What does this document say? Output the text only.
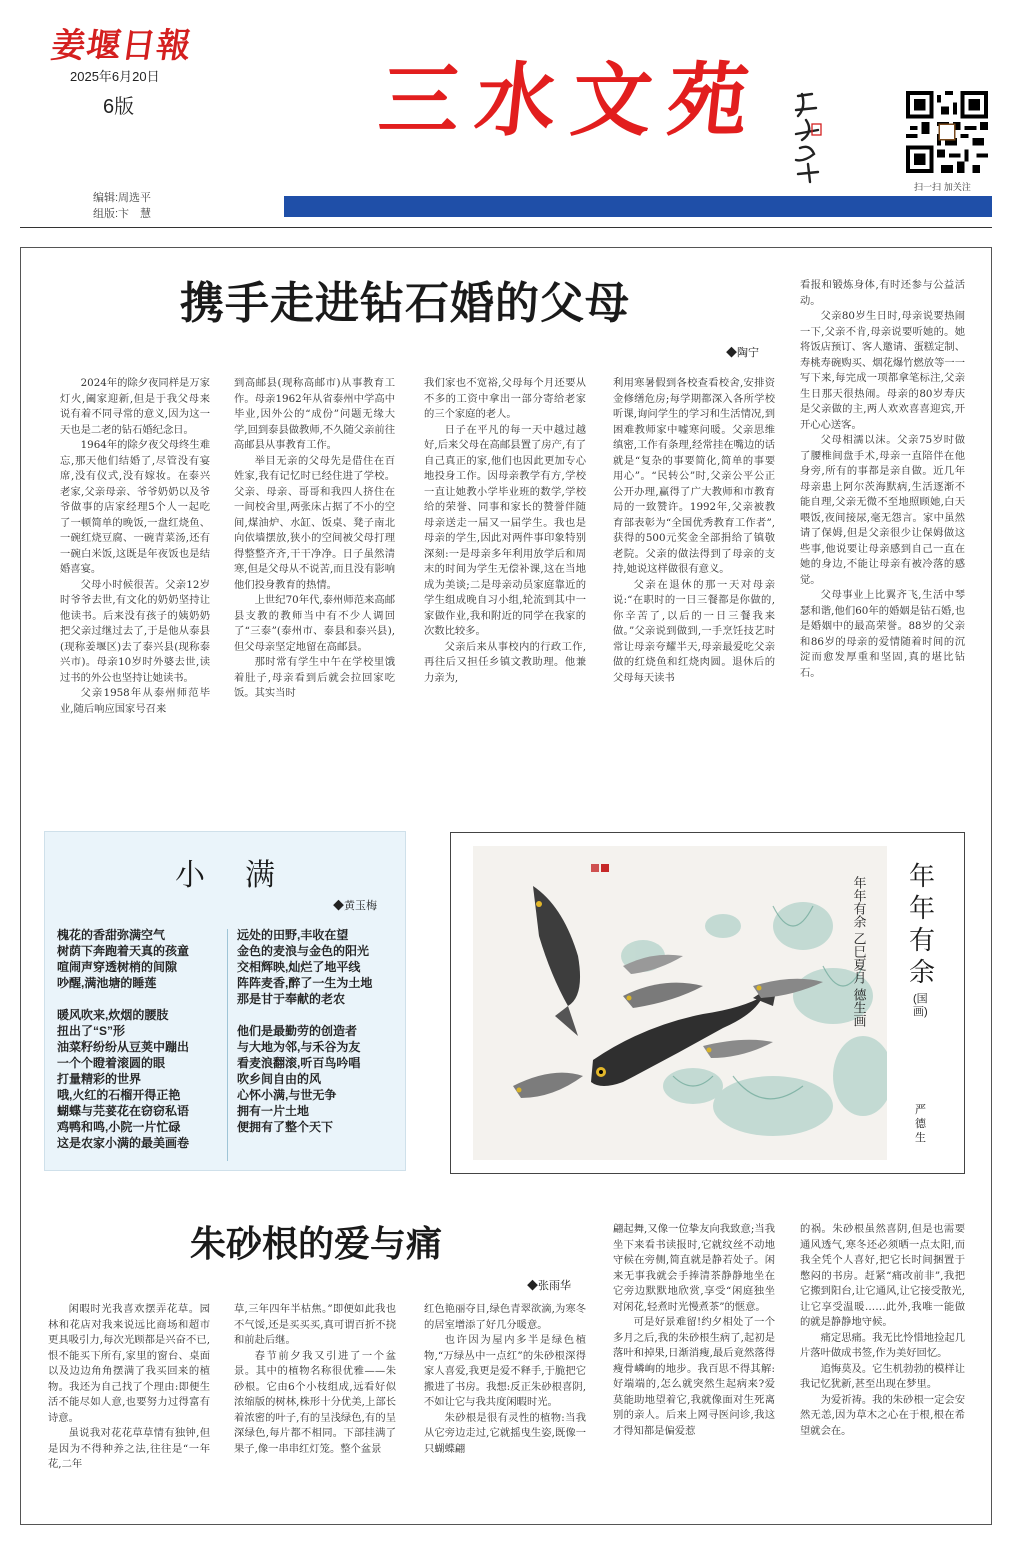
姜堰日報
2025年6月20日
6版	三水文苑
扫一扫 加关注
编辑:周选平
组版:卞　慧
携手走进钻石婚的父母
◆陶宁

2024年的除夕夜同样是万家灯火,阖家迎新,但是于我父母来说有着不同寻常的意义,因为这一天也是二老的钻石婚纪念日。

1964年的除夕夜父母终生难忘,那天他们结婚了,尽管没有宴席,没有仪式,没有嫁妆。在泰兴老家,父亲母亲、爷爷奶奶以及爷爷做事的店家经理5个人一起吃了一顿简单的晚饭,一盘红烧鱼、一碗红烧豆腐、一碗青菜汤,还有一碗白米饭,这既是年夜饭也是结婚喜宴。

父母小时候很苦。父亲12岁时爷爷去世,有文化的奶奶坚持让他读书。后来没有孩子的姨奶奶把父亲过继过去了,于是他从泰县(现称姜堰区)去了泰兴县(现称泰兴市)。母亲10岁时外婆去世,读过书的外公也坚持让她读书。

父亲1958年从泰州师范毕业,随后响应国家号召来

到高邮县(现称高邮市)从事教育工作。母亲1962年从省泰州中学高中毕业,因外公的“成份”问题无缘大学,回到泰县做教师,不久随父亲前往高邮县从事教育工作。

举目无亲的父母先是借住在百姓家,我有记忆时已经住进了学校。父亲、母亲、哥哥和我四人挤住在一间校舍里,两张床占据了不小的空间,煤油炉、水缸、饭桌、凳子南北向依墙摆放,狭小的空间被父母打理得整整齐齐,干干净净。日子虽然清寒,但是父母从不说苦,而且没有影响他们投身教育的热情。

上世纪70年代,泰州师范来高邮县支教的教师当中有不少人调回了“三泰”(泰州市、泰县和泰兴县),但父母亲坚定地留在高邮县。

那时常有学生中午在学校里饿着肚子,母亲看到后就会拉回家吃饭。其实当时

我们家也不宽裕,父母每个月还要从不多的工资中拿出一部分寄给老家的三个家庭的老人。

日子在平凡的每一天中越过越好,后来父母在高邮县置了房产,有了自己真正的家,他们也因此更加专心地投身工作。因母亲教学有方,学校一直让她教小学毕业班的数学,学校给的荣誉、同事和家长的赞誉伴随母亲送走一届又一届学生。我也是母亲的学生,因此对两件事印象特别深刻:一是母亲多年利用放学后和周末的时间为学生无偿补课,这在当地成为美谈;二是母亲动员家庭靠近的学生组成晚自习小组,轮流到其中一家做作业,我和附近的同学在我家的次数比较多。

父亲后来从事校内的行政工作,再往后又担任乡镇文教助理。他兼力亲为,

利用寒暑假到各校查看校舍,安排资金修缮危房;每学期都深入各所学校听课,询问学生的学习和生活情况,到困难教师家中嘘寒问暖。父亲思维缜密,工作有条理,经常挂在嘴边的话就是“复杂的事要简化,简单的事要用心”。“民转公”时,父亲公平公正公开办理,赢得了广大教师和市教育局的一致赞许。1992年,父亲被教育部表彰为“全国优秀教育工作者”,获得的500元奖金全部捐给了镇敬老院。父亲的做法得到了母亲的支持,她说这样做很有意义。

父亲在退休的那一天对母亲说:“在职时的一日三餐都是你做的,你辛苦了,以后的一日三餐我来做。”父亲说到做到,一手烹饪技艺时常让母亲夸耀半天,母亲最爱吃父亲做的红烧鱼和红烧肉圆。退休后的父母每天读书

看报和锻炼身体,有时还参与公益活动。

父亲80岁生日时,母亲说要热闹一下,父亲不肯,母亲说要听她的。她将饭店预订、客人邀请、蛋糕定制、寿桃寿碗购买、烟花爆竹燃放等一一写下来,每完成一项都拿笔标注,父亲生日那天很热闹。母亲的80岁寿庆是父亲做的主,两人欢欢喜喜迎宾,开开心心送客。

父母相濡以沫。父亲75岁时做了腰椎间盘手术,母亲一直陪伴在他身旁,所有的事都是亲自做。近几年母亲患上阿尔茨海默病,生活逐渐不能自理,父亲无微不至地照顾她,白天喂饭,夜间接尿,毫无怨言。家中虽然请了保姆,但是父亲很少让保姆做这些事,他说要让母亲感到自己一直在她的身边,不能让母亲有被冷落的感觉。

父母事业上比翼齐飞,生活中琴瑟和谐,他们60年的婚姻是钻石婚,也是婚姻中的最高荣誉。88岁的父亲和86岁的母亲的爱情随着时间的沉淀而愈发厚重和坚固,真的堪比钻石。

小满
◆黄玉梅
槐花的香甜弥满空气
树荫下奔跑着天真的孩童
喧闹声穿透树梢的间隙
吵醒,满池塘的睡莲

暖风吹来,炊烟的腰肢
扭出了“S”形
油菜籽纷纷从豆荚中蹦出
一个个瞪着滚圆的眼
打量精彩的世界
哦,火红的石榴开得正艳
蝴蝶与芫荽花在窃窃私语
鸡鸭和鸣,小院一片忙碌
这是农家小满的最美画卷
远处的田野,丰收在望
金色的麦浪与金色的阳光
交相辉映,灿烂了地平线
阵阵麦香,醉了一生为土地
那是甘于奉献的老农

他们是最勤劳的创造者
与大地为邻,与禾谷为友
看麦浪翻滚,听百鸟吟唱
吹乡间自由的风
心怀小满,与世无争
拥有一片土地
便拥有了整个天下
年年有余 乙巳夏月 德生画 年年有余
(国画)
严德生
朱砂根的爱与痛
◆张雨华

闲暇时光我喜欢摆弄花草。园林和花店对我来说远比商场和超市更具吸引力,每次光顾都是兴奋不已,恨不能买下所有,家里的窗台、桌面以及边边角角摆满了我买回来的植物。我还为自己找了个理由:即便生活不能尽如人意,也要努力过得富有诗意。

虽说我对花花草草情有独钟,但是因为不得种养之法,往往是“一年花,二年

草,三年四年半枯焦。”即便如此我也不气馁,还是买买买,真可谓百折不挠和前赴后继。

春节前夕我又引进了一个盆景。其中的植物名称很优雅——朱砂根。它由6个小枝组成,远看好似浓缩版的树林,株形十分优美,上部长着浓密的叶子,有的呈浅绿色,有的呈深绿色,每片都不相同。下部挂满了果子,像一串串红灯笼。整个盆景

红色艳丽夺目,绿色青翠欲滴,为寒冬的居室增添了好几分暖意。

也许因为屋内多半是绿色植物,“万绿丛中一点红”的朱砂根深得家人喜爱,我更是爱不释手,于脆把它搬进了书房。我想:反正朱砂根喜阴,不如让它与我共度闲暇时光。

朱砂根是很有灵性的植物:当我从它旁边走过,它就摇曳生姿,既像一只蝴蝶翩

翩起舞,又像一位挚友向我致意;当我坐下来看书读报时,它就纹丝不动地守候在旁侧,简直就是静若处子。闲来无事我就会手捧清茶静静地坐在它旁边默默地欣赏,享受“闲庭独坐对闲花,轻煮时光慢煮茶”的惬意。

可是好景难留!约夕相处了一个多月之后,我的朱砂根生病了,起初是落叶和掉果,日渐消瘦,最后竟然落得瘦骨嶙峋的地步。我百思不得其解:好端端的,怎么就突然生起病来?爱莫能助地望着它,我就像面对生死离别的亲人。后来上网寻医问诊,我这才得知都是偏爱惹

的祸。朱砂根虽然喜阴,但是也需要通风透气,寒冬还必须晒一点太阳,而我全凭个人喜好,把它长时间捆置于憋闷的书房。赶紧“痛改前非”,我把它搬到阳台,让它通风,让它接受散光,让它享受温暖……此外,我唯一能做的就是静静地守候。

痛定思痛。我无比怜惜地捡起几片落叶做成书签,作为美好回忆。

追悔莫及。它生机勃勃的模样让我记忆犹新,甚至出现在梦里。

为爱祈祷。我的朱砂根一定会安然无恙,因为草木之心在于根,根在希望就会在。
